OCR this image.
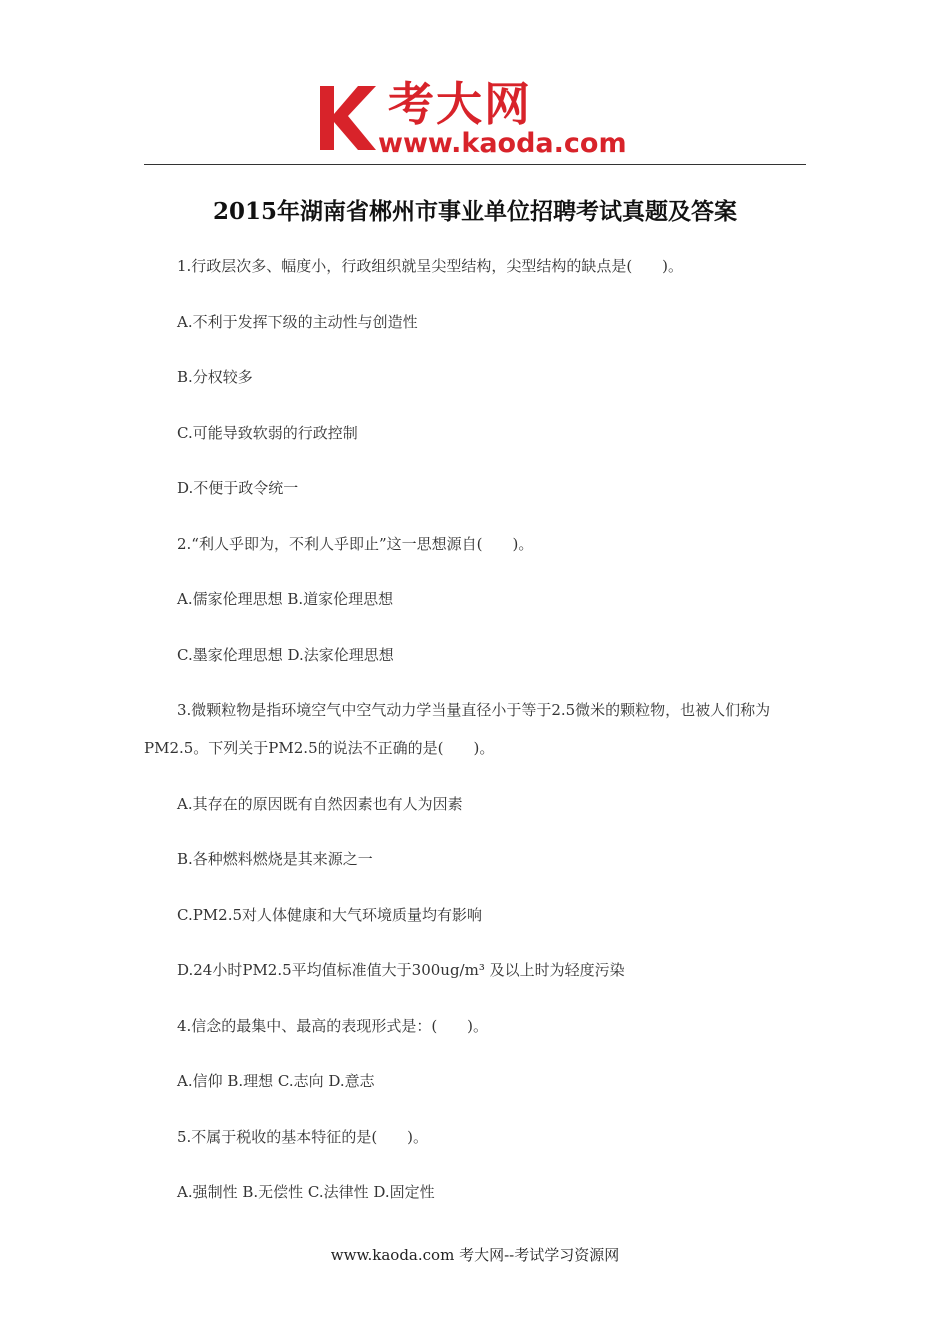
考大网
www.kaoda.com
2015年湖南省郴州市事业单位招聘考试真题及答案

1.行政层次多、幅度小，行政组织就呈尖型结构，尖型结构的缺点是(　　)。

A.不利于发挥下级的主动性与创造性

B.分权较多

C.可能导致软弱的行政控制

D.不便于政令统一

2.“利人乎即为，不利人乎即止”这一思想源自(　　)。

A.儒家伦理思想 B.道家伦理思想

C.墨家伦理思想 D.法家伦理思想

3.微颗粒物是指环境空气中空气动力学当量直径小于等于2.5微米的颗粒物，也被人们称为PM2.5。下列关于PM2.5的说法不正确的是(　　)。

A.其存在的原因既有自然因素也有人为因素

B.各种燃料燃烧是其来源之一

C.PM2.5对人体健康和大气环境质量均有影响

D.24小时PM2.5平均值标准值大于300ug/m³ 及以上时为轻度污染

4.信念的最集中、最高的表现形式是：(　　)。

A.信仰 B.理想 C.志向 D.意志

5.不属于税收的基本特征的是(　　)。

A.强制性 B.无偿性 C.法律性 D.固定性

www.kaoda.com 考大网--考试学习资源网
